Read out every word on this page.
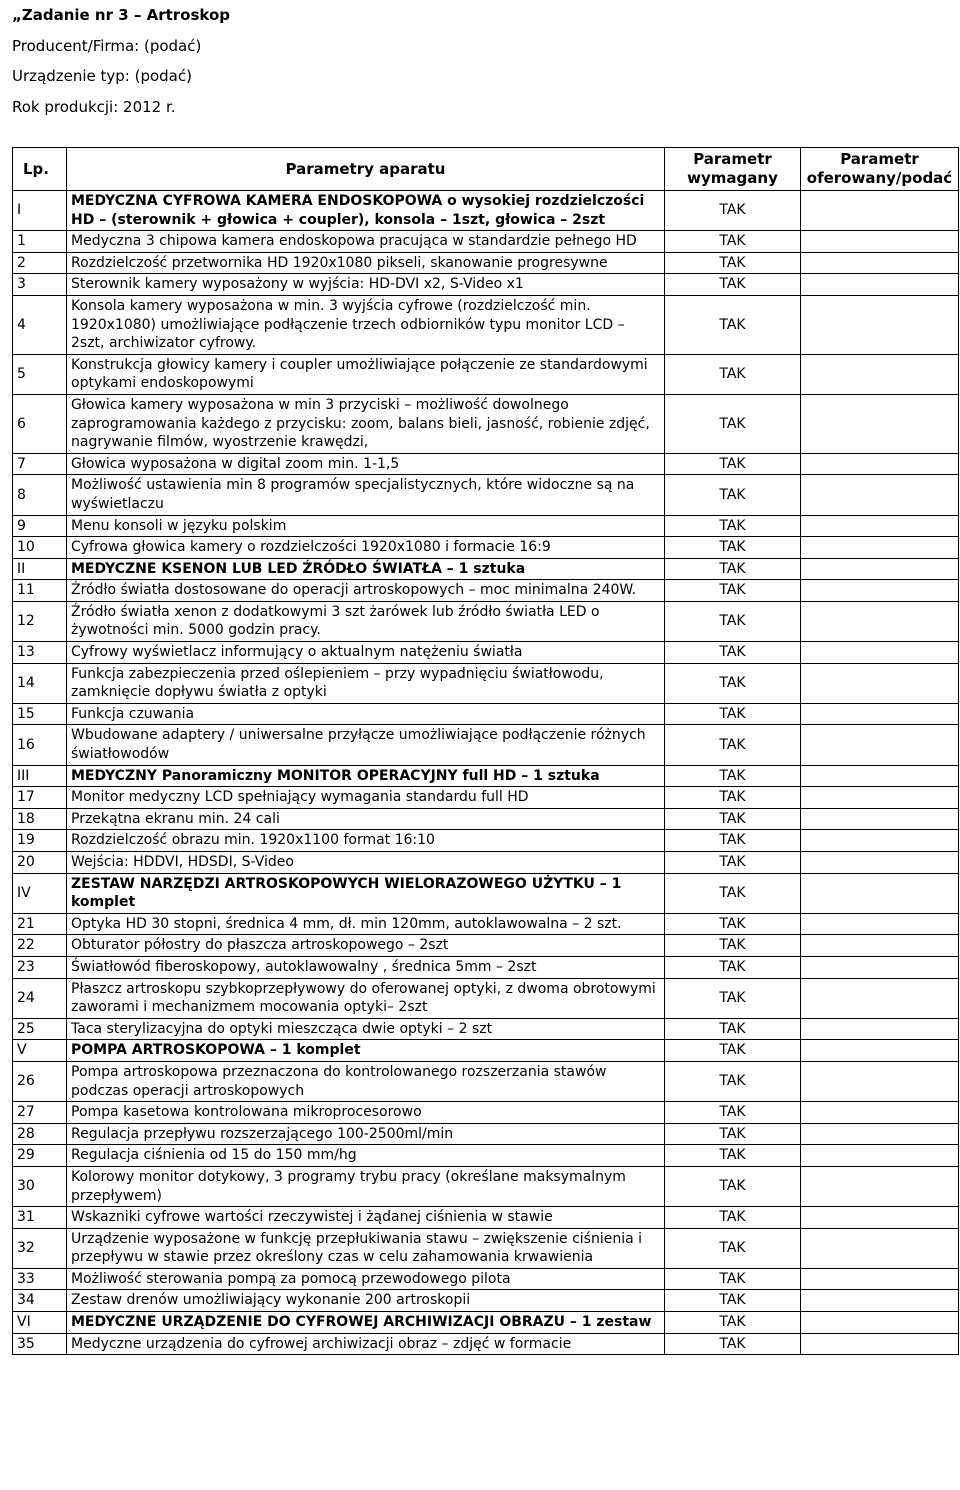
„Zadanie nr 3 – Artroskop
Producent/Firma: (podać)
Urządzenie typ: (podać)
Rok produkcji: 2012 r.
Lp.	Parametry aparatu	Parametr wymagany	Parametr oferowany/podać
I	MEDYCZNA CYFROWA KAMERA ENDOSKOPOWA o wysokiej rozdzielczości HD – (sterownik + głowica + coupler), konsola – 1szt, głowica – 2szt	TAK	
1	Medyczna 3 chipowa kamera endoskopowa pracująca w standardzie pełnego HD	TAK	
2	Rozdzielczość przetwornika HD 1920x1080 pikseli, skanowanie progresywne	TAK	
3	Sterownik kamery wyposażony w wyjścia: HD-DVI x2, S-Video x1	TAK	
4	Konsola kamery wyposażona w min. 3 wyjścia cyfrowe (rozdzielczość min. 1920x1080) umożliwiające podłączenie trzech odbiorników typu monitor LCD – 2szt, archiwizator cyfrowy.	TAK	
5	Konstrukcja głowicy kamery i coupler umożliwiające połączenie ze standardowymi optykami endoskopowymi	TAK	
6	Głowica kamery wyposażona w min 3 przyciski – możliwość dowolnego zaprogramowania każdego z przycisku: zoom, balans bieli, jasność, robienie zdjęć, nagrywanie filmów, wyostrzenie krawędzi,	TAK	
7	Głowica wyposażona w digital zoom min. 1-1,5	TAK	
8	Możliwość ustawienia min 8 programów specjalistycznych, które widoczne są na wyświetlaczu	TAK	
9	Menu konsoli w języku polskim	TAK	
10	Cyfrowa głowica kamery o rozdzielczości 1920x1080 i formacie 16:9	TAK	
II	MEDYCZNE KSENON LUB LED ŹRÓDŁO ŚWIATŁA – 1 sztuka	TAK	
11	Źródło światła dostosowane do operacji artroskopowych – moc minimalna 240W.	TAK	
12	Źródło światła xenon z dodatkowymi 3 szt żarówek lub źródło światła LED o żywotności min. 5000 godzin pracy.	TAK	
13	Cyfrowy wyświetlacz informujący o aktualnym natężeniu światła	TAK	
14	Funkcja zabezpieczenia przed oślepieniem – przy wypadnięciu światłowodu, zamknięcie dopływu światła z optyki	TAK	
15	Funkcja czuwania	TAK	
16	Wbudowane adaptery / uniwersalne przyłącze umożliwiające podłączenie różnych światłowodów	TAK	
III	MEDYCZNY Panoramiczny MONITOR OPERACYJNY full HD – 1 sztuka	TAK	
17	Monitor medyczny LCD spełniający wymagania standardu full HD	TAK	
18	Przekątna ekranu min. 24 cali	TAK	
19	Rozdzielczość obrazu min. 1920x1100 format 16:10	TAK	
20	Wejścia: HDDVI, HDSDI, S-Video	TAK	
IV	ZESTAW NARZĘDZI ARTROSKOPOWYCH WIELORAZOWEGO UŻYTKU – 1 komplet	TAK	
21	Optyka HD 30 stopni, średnica 4 mm, dł. min 120mm, autoklawowalna – 2 szt.	TAK	
22	Obturator półostry do płaszcza artroskopowego – 2szt	TAK	
23	Światłowód fiberoskopowy, autoklawowalny , średnica 5mm – 2szt	TAK	
24	Płaszcz artroskopu szybkoprzepływowy do oferowanej optyki, z dwoma obrotowymi zaworami i mechanizmem mocowania optyki– 2szt	TAK	
25	Taca sterylizacyjna do optyki mieszcząca dwie optyki – 2 szt	TAK	
V	POMPA ARTROSKOPOWA – 1 komplet	TAK	
26	Pompa artroskopowa przeznaczona do kontrolowanego rozszerzania stawów podczas operacji artroskopowych	TAK	
27	Pompa kasetowa kontrolowana mikroprocesorowo	TAK	
28	Regulacja przepływu rozszerzającego 100-2500ml/min	TAK	
29	Regulacja ciśnienia od 15 do 150 mm/hg	TAK	
30	Kolorowy monitor dotykowy, 3 programy trybu pracy (określane maksymalnym przepływem)	TAK	
31	Wskazniki cyfrowe wartości rzeczywistej i żądanej ciśnienia w stawie	TAK	
32	Urządzenie wyposażone w funkcję przepłukiwania stawu – zwiększenie ciśnienia i przepływu w stawie przez określony czas w celu zahamowania krwawienia	TAK	
33	Możliwość sterowania pompą za pomocą przewodowego pilota	TAK	
34	Zestaw drenów umożliwiający wykonanie 200 artroskopii	TAK	
VI	MEDYCZNE URZĄDZENIE DO CYFROWEJ ARCHIWIZACJI OBRAZU – 1 zestaw	TAK	
35	Medyczne urządzenia do cyfrowej archiwizacji obraz – zdjęć w formacie	TAK	
